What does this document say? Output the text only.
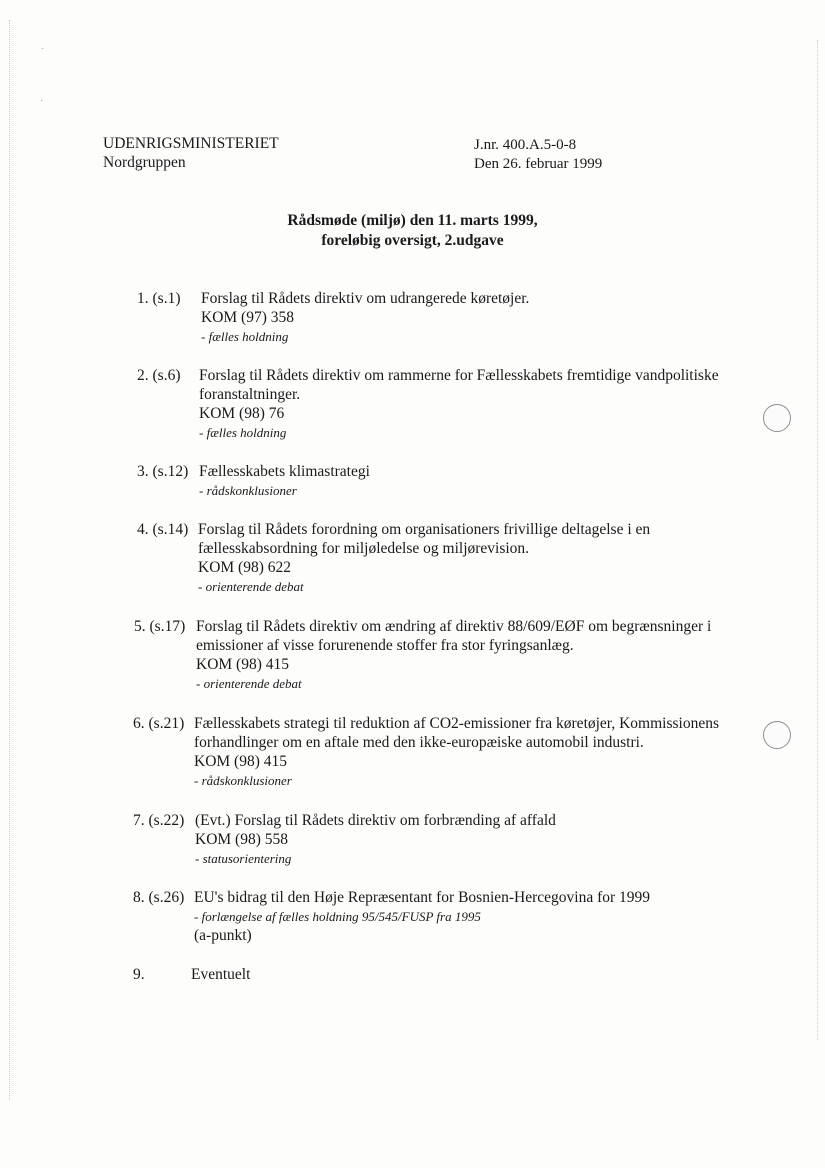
·
·
UDENRIGSMINISTERIET
Nordgruppen
J.nr. 400.A.5-0-8
Den 26. februar 1999
Rådsmøde (miljø) den 11. marts 1999,
foreløbig oversigt, 2.udgave
1. (s.1) Forslag til Rådets direktiv om udrangerede køretøjer.
KOM (97) 358
- fælles holdning
2. (s.6) Forslag til Rådets direktiv om rammerne for Fællesskabets fremtidige vandpolitiske foranstaltninger.
KOM (98) 76
- fælles holdning
3. (s.12) Fællesskabets klimastrategi
- rådskonklusioner
4. (s.14) Forslag til Rådets forordning om organisationers frivillige deltagelse i en fællesskabsordning for miljøledelse og miljørevision.
KOM (98) 622
- orienterende debat
5. (s.17) Forslag til Rådets direktiv om ændring af direktiv 88/609/EØF om begrænsninger i emissioner af visse forurenende stoffer fra stor fyringsanlæg.
KOM (98) 415
- orienterende debat
6. (s.21) Fællesskabets strategi til reduktion af CO2-emissioner fra køretøjer, Kommissionens forhandlinger om en aftale med den ikke-europæiske automobil industri.
KOM (98) 415
- rådskonklusioner
7. (s.22) (Evt.) Forslag til Rådets direktiv om forbrænding af affald
KOM (98) 558
- statusorientering
8. (s.26) EU's bidrag til den Høje Repræsentant for Bosnien-Hercegovina for 1999
- forlængelse af fælles holdning 95/545/FUSP fra 1995
(a-punkt)
9.	Eventuelt
